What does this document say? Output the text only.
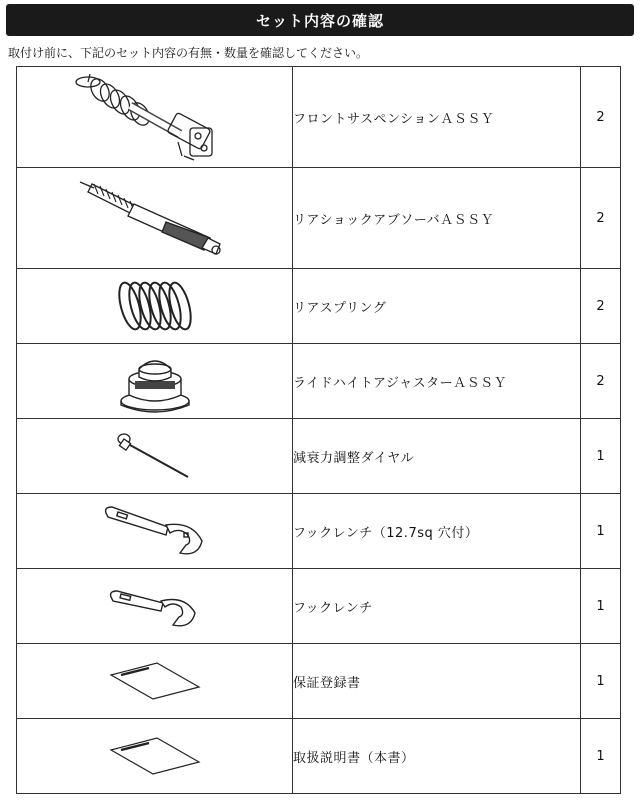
セット内容の確認
取付け前に、下記のセット内容の有無・数量を確認してください。
	フロントサスペンションＡＳＳＹ	2

	リアショックアブソーバＡＳＳＹ	2

	リアスプリング	2

	ライドハイトアジャスターＡＳＳＹ	2

	減衰力調整ダイヤル	1

	フックレンチ（12.7sq 穴付）	1

	フックレンチ	1

	保証登録書	1

	取扱説明書（本書）	1
